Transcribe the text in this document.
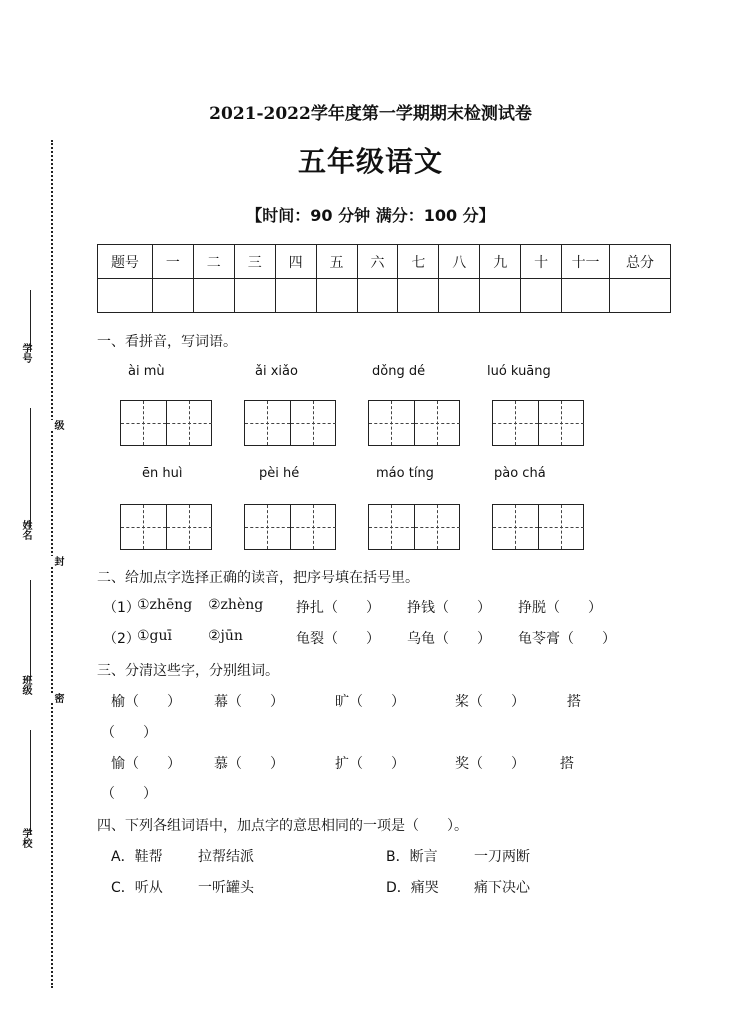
学号
姓名
班级
学校
级
封
密
2021-2022学年度第一学期期末检测试卷
五年级语文
【时间：90 分钟 满分：100 分】
题号	一	二	三	四	五	六	七	八	九	十	十一	总分

一、看拼音，写词语。
ài mù	ǎi xiǎo	dǒng dé	luó kuāng
ēn huì	pèi hé	máo tíng	pào chá
二、给加点字选择正确的读音，把序号填在括号里。
（1）
①zhēng ②zhèng 挣扎（　　） 挣钱（　　） 挣脱（　　）
（2）
①guī	②jūn	龟裂（　　） 乌龟（　　） 龟苓膏（　　）
三、分清这些字，分别组词。
榆（　　） 幕（　　）	旷（　　）	桨（　　）	搭
（　　）
愉（　　） 慕（　　）	扩（　　）	奖（　　）	搭
（　　）
四、下列各组词语中，加点字的意思相同的一项是（　　）。
A．鞋帮	拉帮结派	B．断言	一刀两断
C．听从	一听罐头	D．痛哭	痛下决心
